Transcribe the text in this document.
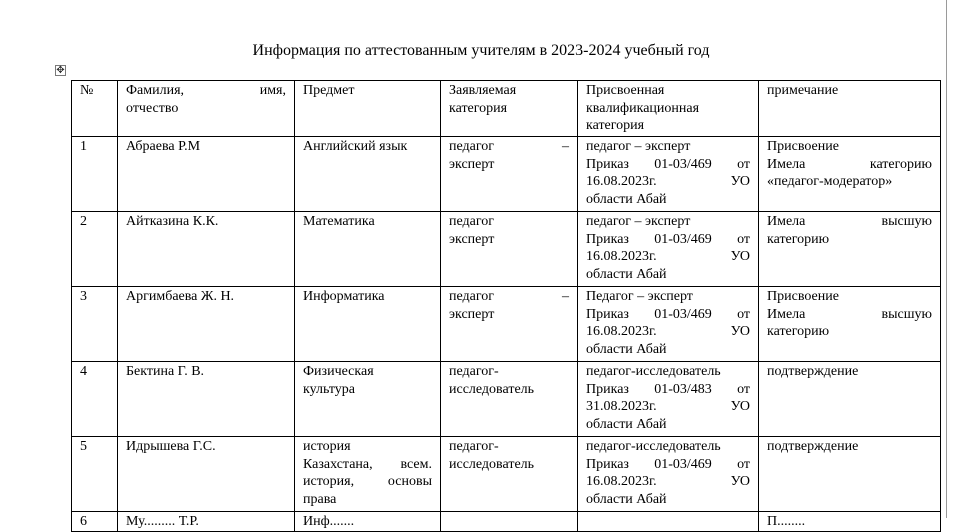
Информация по аттестованным учителям в 2023-2024 учебный год
✥
№	Фамилия, имя,
отчество	Предмет	Заявляемая
категория	Присвоенная
квалификационная
категория	примечание
1	Абраева Р.М	Английский язык	педагог –
эксперт	педагог – эксперт
Приказ 01-03/469 от
16.08.2023г. УО
области Абай	Присвоение
Имела категорию
«педагог-модератор»

2	Айтказина К.К.	Математика	педагог
эксперт	педагог – эксперт
Приказ 01-03/469 от
16.08.2023г. УО
области Абай	Имела высшую
категорию

3	Аргимбаева Ж. Н.	Информатика	педагог –
эксперт	Педагог – эксперт
Приказ 01-03/469 от
16.08.2023г. УО
области Абай	Присвоение
Имела высшую
категорию

4	Бектина Г. В.	Физическая
культура	педагог-
исследователь	педагог-исследователь
Приказ 01-03/483 от
31.08.2023г. УО
области Абай	подтверждение

5	Идрышева Г.С.	история
Казахстана, всем.
история, основы
права	педагог-
исследователь	педагог-исследователь
Приказ 01-03/469 от
16.08.2023г. УО
области Абай	подтверждение

6	Му......... Т.Р.	Инф.......			П........
